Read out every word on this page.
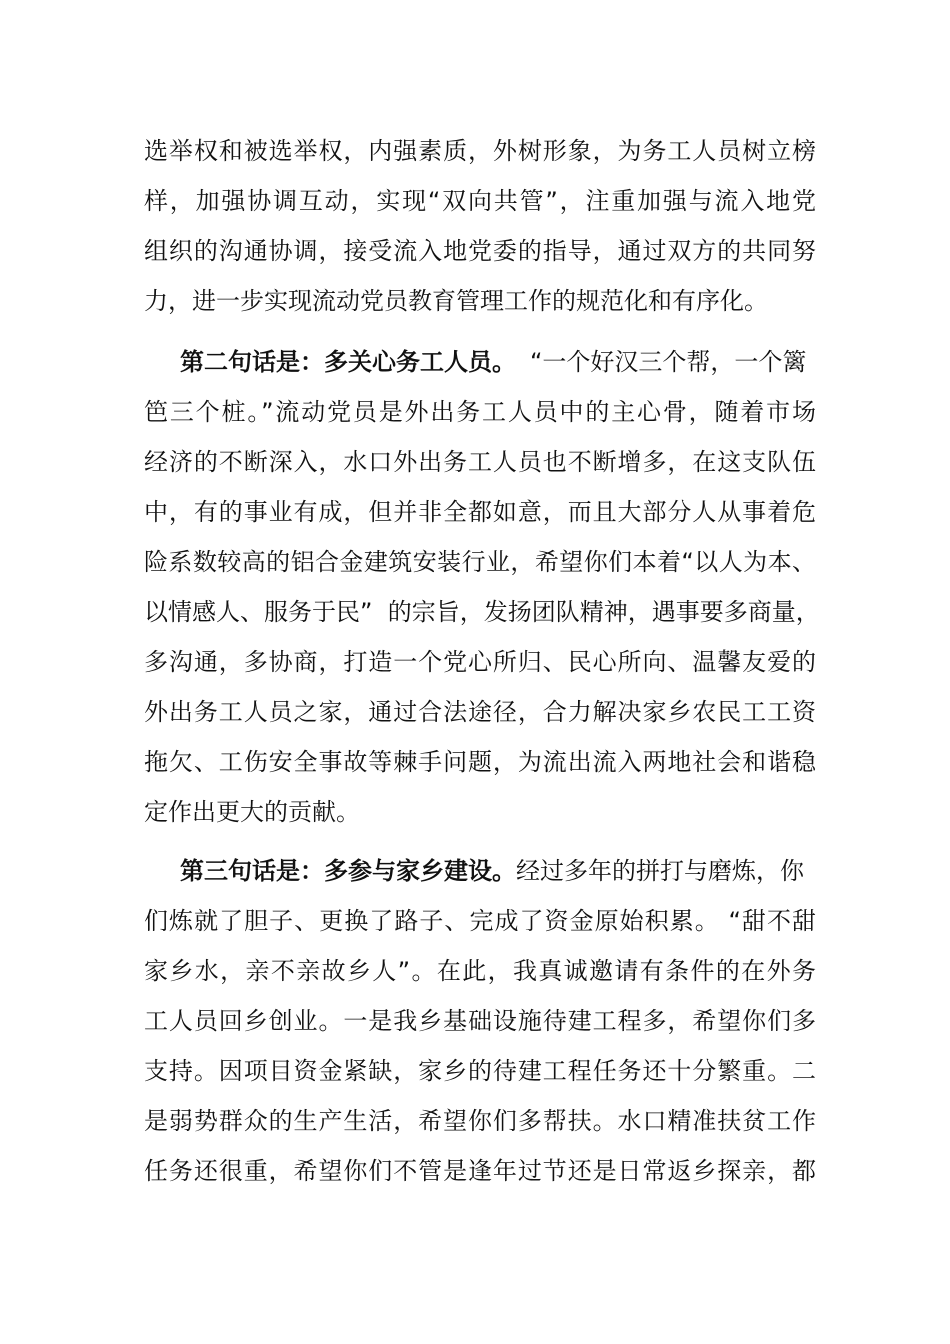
选举权和被选举权，内强素质，外树形象，为务工人员树立榜
样，加强协调互动，实现“双向共管”，注重加强与流入地党
组织的沟通协调，接受流入地党委的指导，通过双方的共同努
力，进一步实现流动党员教育管理工作的规范化和有序化。
第二句话是：多关心务工人员。 “一个好汉三个帮，一个篱
笆三个桩。”流动党员是外出务工人员中的主心骨，随着市场
经济的不断深入，水口外出务工人员也不断增多，在这支队伍
中，有的事业有成，但并非全都如意，而且大部分人从事着危
险系数较高的铝合金建筑安装行业，希望你们本着“以人为本、
以情感人、服务于民”  的宗旨，发扬团队精神，遇事要多商量，
多沟通，多协商，打造一个党心所归、民心所向、温馨友爱的
外出务工人员之家，通过合法途径，合力解决家乡农民工工资
拖欠、工伤安全事故等棘手问题，为流出流入两地社会和谐稳
定作出更大的贡献。
第三句话是：多参与家乡建设。经过多年的拼打与磨炼，你
们炼就了胆子、更换了路子、完成了资金原始积累。 “甜不甜
家乡水，亲不亲故乡人”。在此，我真诚邀请有条件的在外务
工人员回乡创业。一是我乡基础设施待建工程多，希望你们多
支持。因项目资金紧缺，家乡的待建工程任务还十分繁重。二
是弱势群众的生产生活，希望你们多帮扶。水口精准扶贫工作
任务还很重，希望你们不管是逢年过节还是日常返乡探亲，都
